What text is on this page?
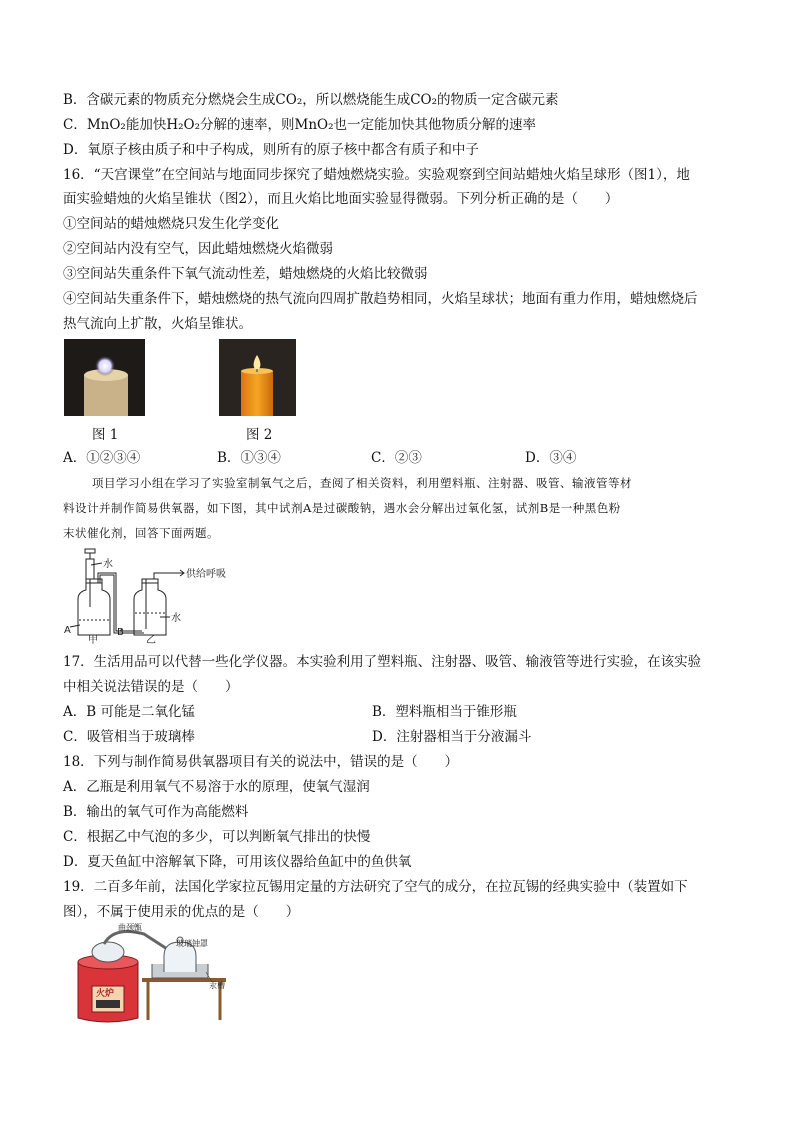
B．含碳元素的物质充分燃烧会生成CO₂，所以燃烧能生成CO₂的物质一定含碳元素
C．MnO₂能加快H₂O₂分解的速率，则MnO₂也一定能加快其他物质分解的速率
D．氧原子核由质子和中子构成，则所有的原子核中都含有质子和中子
16．“天宫课堂”在空间站与地面同步探究了蜡烛燃烧实验。实验观察到空间站蜡烛火焰呈球形（图1），地
面实验蜡烛的火焰呈锥状（图2），而且火焰比地面实验显得微弱。下列分析正确的是（　　）
①空间站的蜡烛燃烧只发生化学变化
②空间站内没有空气，因此蜡烛燃烧火焰微弱
③空间站失重条件下氧气流动性差，蜡烛燃烧的火焰比较微弱
④空间站失重条件下，蜡烛燃烧的热气流向四周扩散趋势相同，火焰呈球状；地面有重力作用，蜡烛燃烧后
热气流向上扩散，火焰呈锥状。
图 1	图 2
A．①②③④	B．①③④	C．②③	D．③④
项目学习小组在学习了实验室制氧气之后，查阅了相关资料，利用塑料瓶、注射器、吸管、输液管等材
料设计并制作简易供氧器，如下图，其中试剂A是过碳酸钠，遇水会分解出过氧化氢，试剂B是一种黑色粉
末状催化剂，回答下面两题。
水
供给呼吸
水
A	B
甲	乙
17．生活用品可以代替一些化学仪器。本实验利用了塑料瓶、注射器、吸管、输液管等进行实验，在该实验
中相关说法错误的是（　　）
A．B 可能是二氧化锰	B．塑料瓶相当于锥形瓶
C．吸管相当于玻璃棒	D．注射器相当于分液漏斗
18．下列与制作简易供氧器项目有关的说法中，错误的是（　　）
A．乙瓶是利用氧气不易溶于水的原理，使氧气湿润
B．输出的氧气可作为高能燃料
C．根据乙中气泡的多少，可以判断氧气排出的快慢
D．夏天鱼缸中溶解氧下降，可用该仪器给鱼缸中的鱼供氧
19．二百多年前，法国化学家拉瓦锡用定量的方法研究了空气的成分，在拉瓦锡的经典实验中（装置如下
图），不属于使用汞的优点的是（　　）
火炉
曲颈甑
玻璃钟罩
汞槽
